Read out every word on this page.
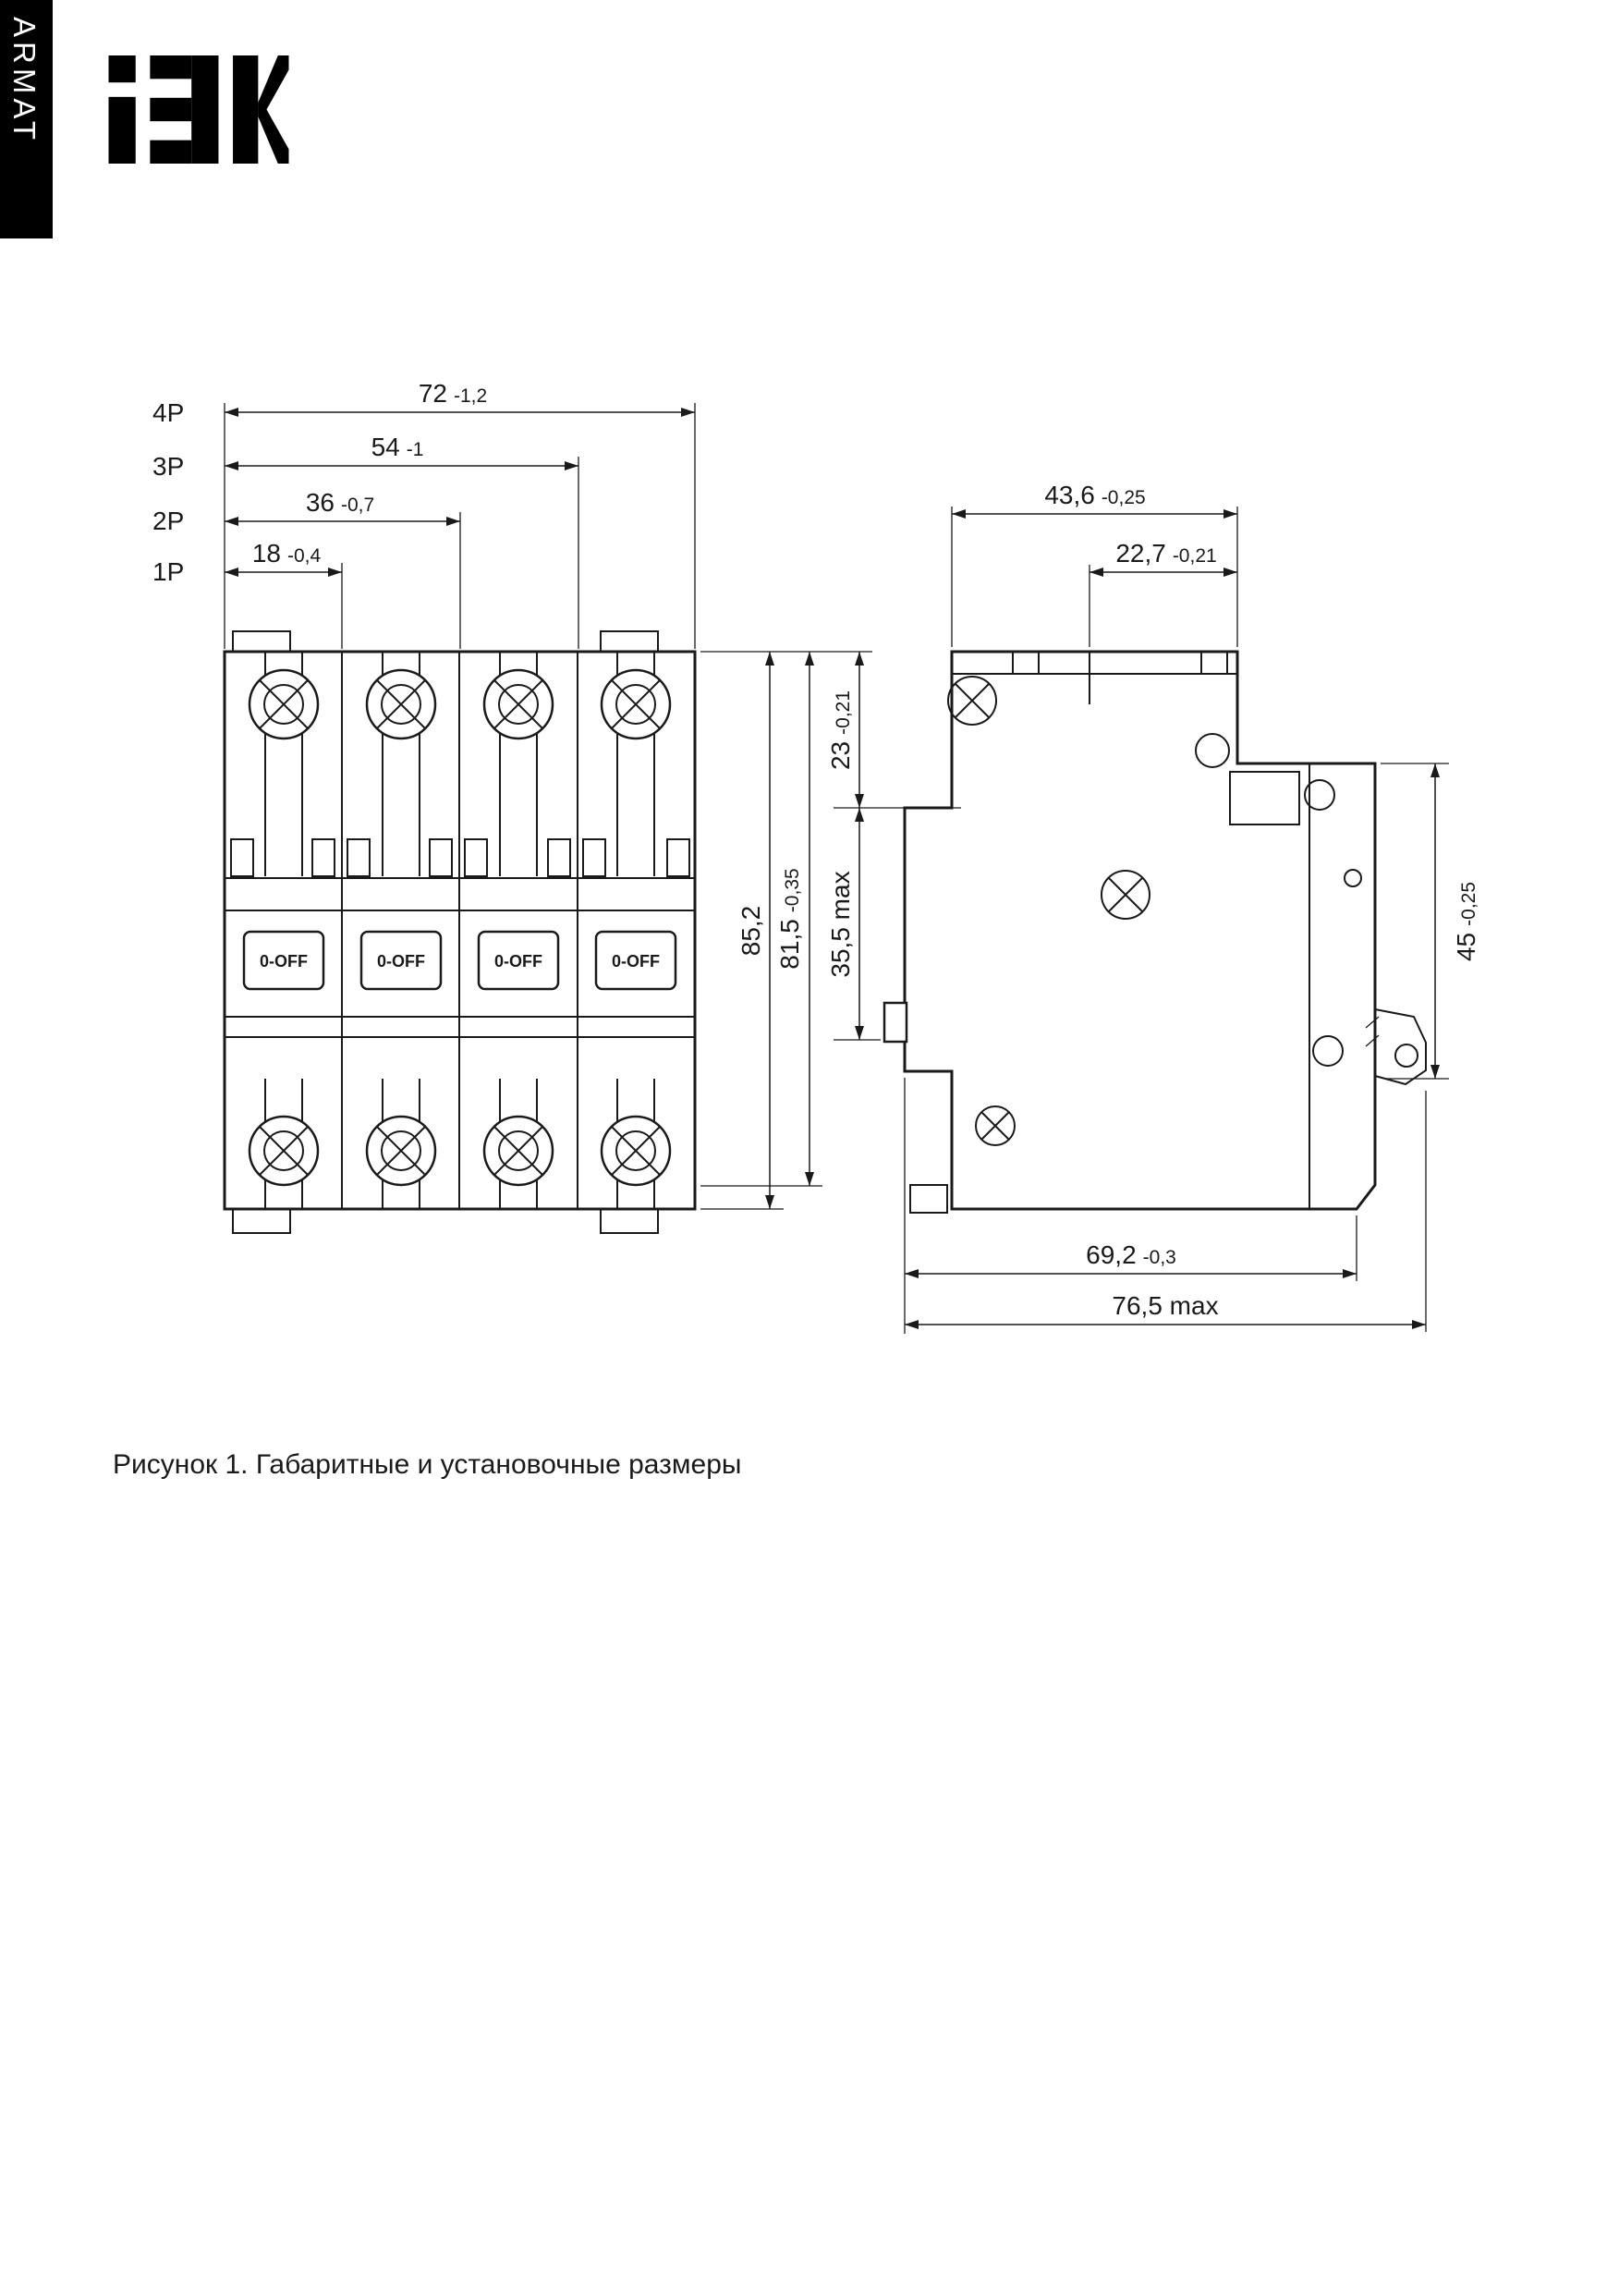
ARMAT
0-OFF	0-OFF	0-OFF	0-OFF
4P
3P
2P
1P
72 -1,2
54 -1
36 -0,7
18 -0,4
85,2 81,5-0,35
23-0,21
35,5 max
43,6 -0,25
22,7 -0,21
45-0,25
69,2 -0,3
76,5 max
Рисунок 1. Габаритные и установочные размеры
